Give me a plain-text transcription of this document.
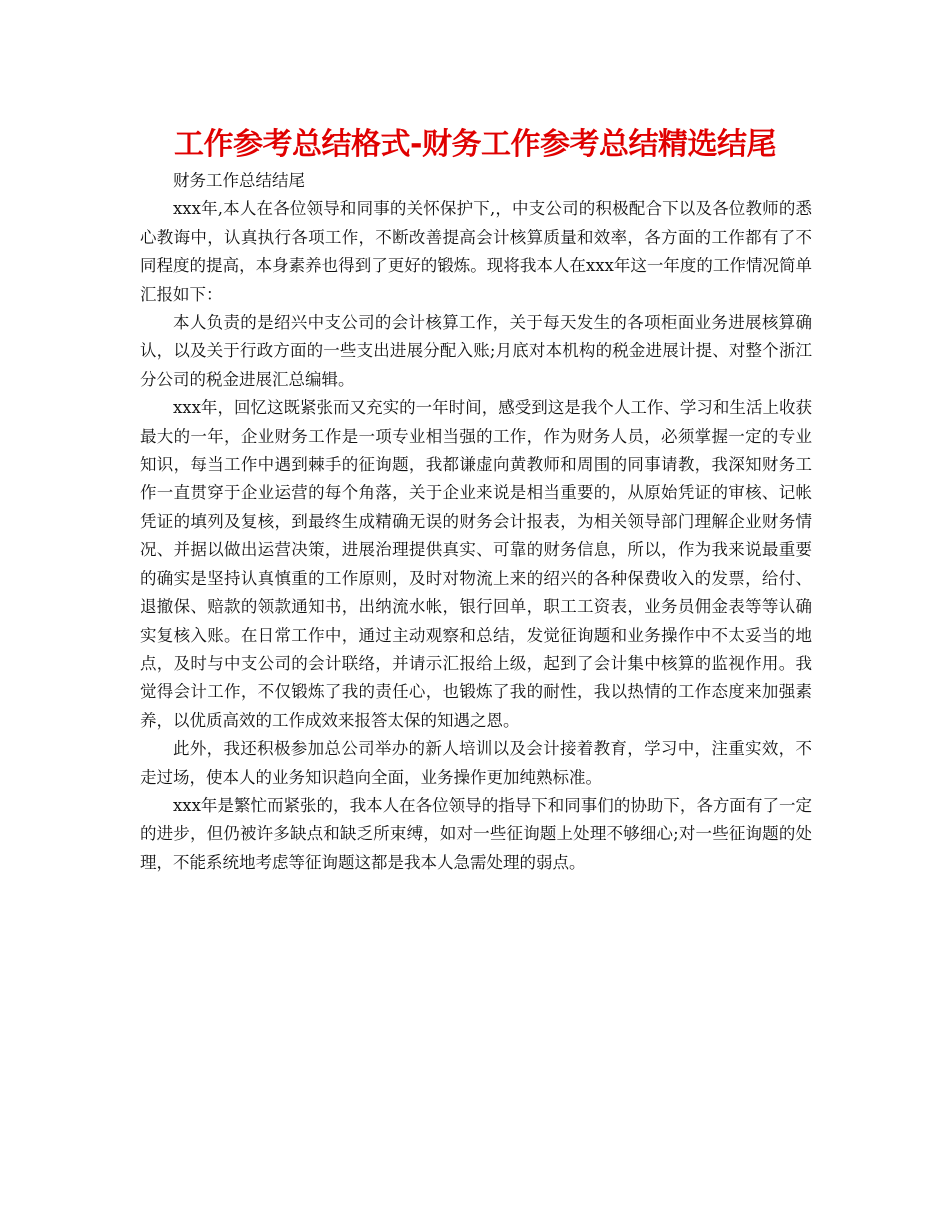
工作参考总结格式-财务工作参考总结精选结尾

财务工作总结结尾

xxx年,本人在各位领导和同事的关怀保护下,，中支公司的积极配合下以及各位教师的悉心教诲中，认真执行各项工作，不断改善提高会计核算质量和效率，各方面的工作都有了不同程度的提高，本身素养也得到了更好的锻炼。现将我本人在xxx年这一年度的工作情况简单汇报如下：

本人负责的是绍兴中支公司的会计核算工作，关于每天发生的各项柜面业务进展核算确认，以及关于行政方面的一些支出进展分配入账;月底对本机构的税金进展计提、对整个浙江分公司的税金进展汇总编辑。

xxx年，回忆这既紧张而又充实的一年时间，感受到这是我个人工作、学习和生活上收获最大的一年，企业财务工作是一项专业相当强的工作，作为财务人员，必须掌握一定的专业知识，每当工作中遇到棘手的征询题，我都谦虚向黄教师和周围的同事请教，我深知财务工作一直贯穿于企业运营的每个角落，关于企业来说是相当重要的，从原始凭证的审核、记帐凭证的填列及复核，到最终生成精确无误的财务会计报表，为相关领导部门理解企业财务情况、并据以做出运营决策，进展治理提供真实、可靠的财务信息，所以，作为我来说最重要的确实是坚持认真慎重的工作原则，及时对物流上来的绍兴的各种保费收入的发票，给付、退撤保、赔款的领款通知书，出纳流水帐，银行回单，职工工资表，业务员佣金表等等认确实复核入账。在日常工作中，通过主动观察和总结，发觉征询题和业务操作中不太妥当的地点，及时与中支公司的会计联络，并请示汇报给上级，起到了会计集中核算的监视作用。我觉得会计工作，不仅锻炼了我的责任心，也锻炼了我的耐性，我以热情的工作态度来加强素养，以优质高效的工作成效来报答太保的知遇之恩。

此外，我还积极参加总公司举办的新人培训以及会计接着教育，学习中，注重实效，不走过场，使本人的业务知识趋向全面，业务操作更加纯熟标准。

xxx年是繁忙而紧张的，我本人在各位领导的指导下和同事们的协助下，各方面有了一定的进步，但仍被许多缺点和缺乏所束缚，如对一些征询题上处理不够细心;对一些征询题的处理，不能系统地考虑等征询题这都是我本人急需处理的弱点。
